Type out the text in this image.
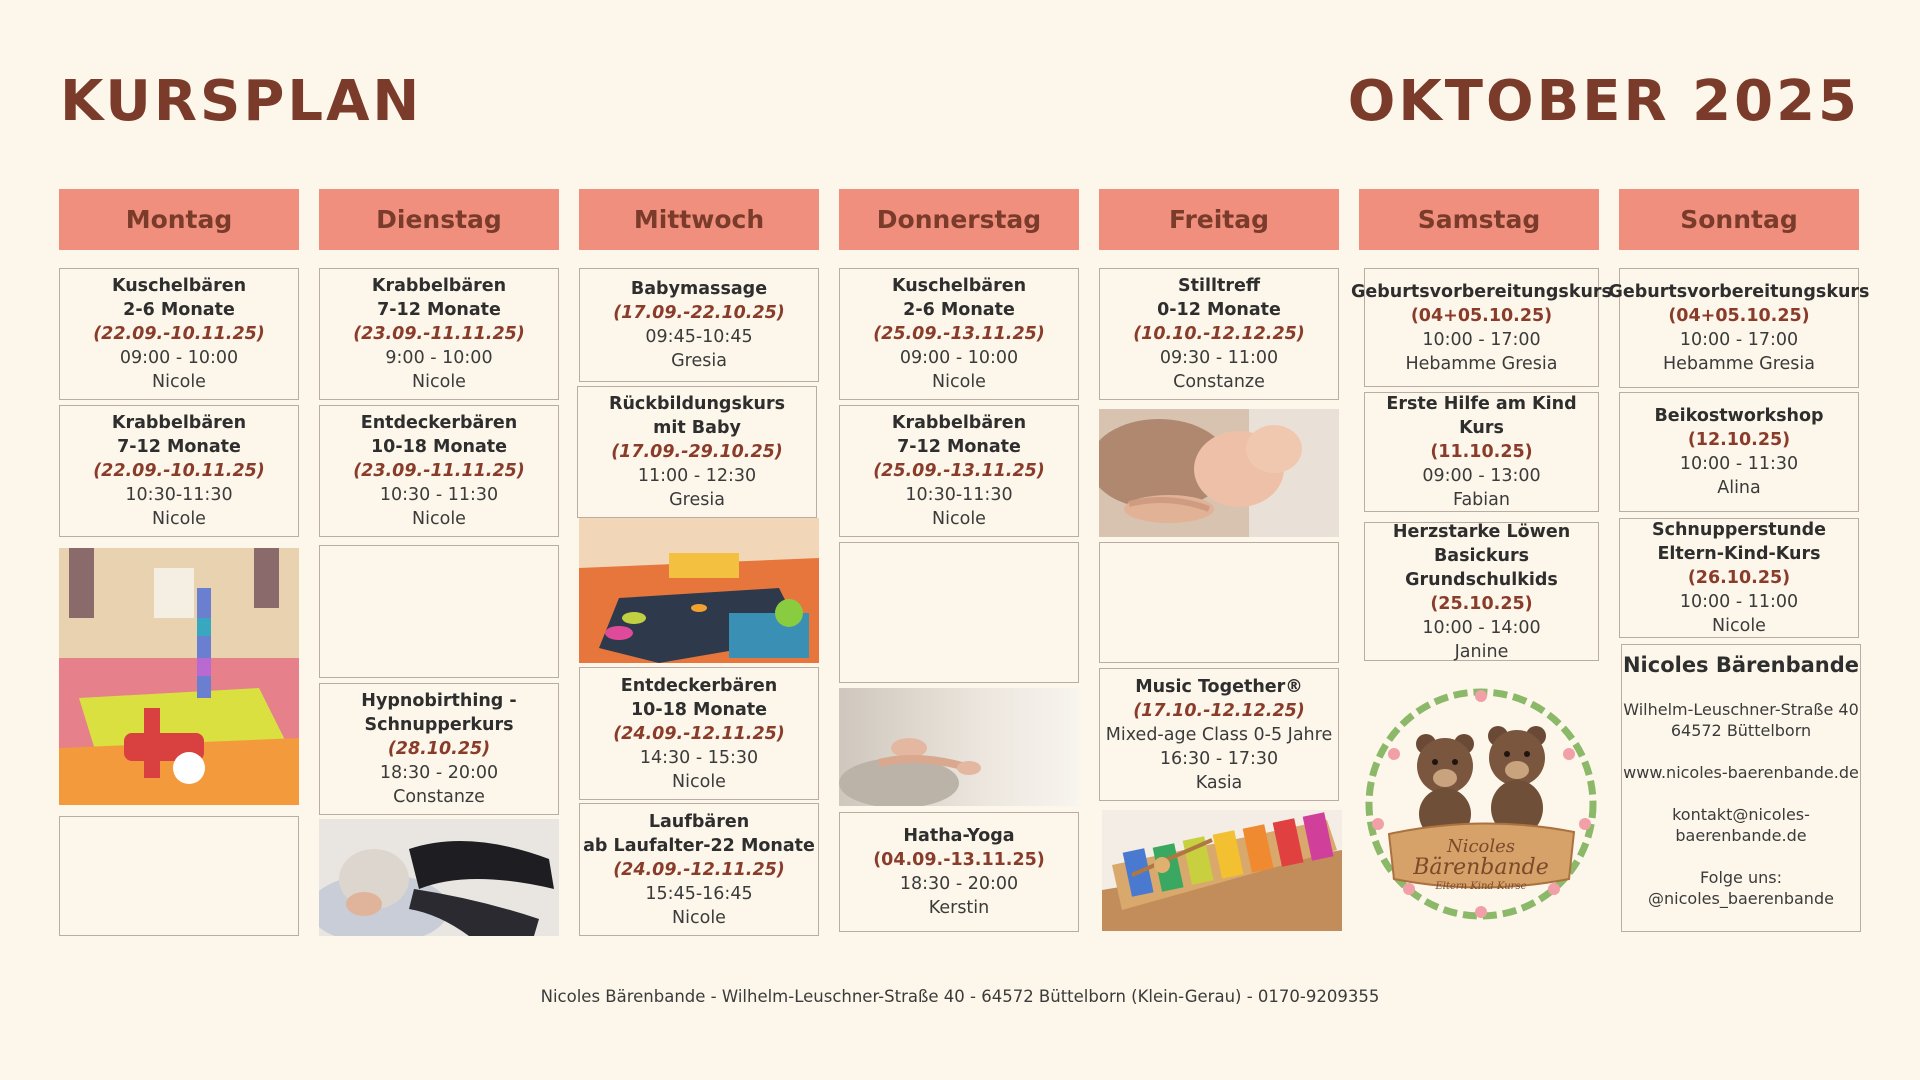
KURSPLAN	OKTOBER 2025
Montag
Kuschelbären
2-6 Monate
(22.09.-10.11.25)
09:00 - 10:00
Nicole
Krabbelbären
7-12 Monate
(22.09.-10.11.25)
10:30-11:30
Nicole
Dienstag
Krabbelbären
7-12 Monate
(23.09.-11.11.25)
9:00 - 10:00
Nicole
Entdeckerbären
10-18 Monate
(23.09.-11.11.25)
10:30 - 11:30
Nicole
Hypnobirthing -
Schnupperkurs
(28.10.25)
18:30 - 20:00
Constanze
Mittwoch
Babymassage
(17.09.-22.10.25)
09:45-10:45
Gresia
Rückbildungskurs
mit Baby
(17.09.-29.10.25)
11:00 - 12:30
Gresia
Entdeckerbären
10-18 Monate
(24.09.-12.11.25)
14:30 - 15:30
Nicole
Laufbären
ab Laufalter-22 Monate
(24.09.-12.11.25)
15:45-16:45
Nicole
Donnerstag
Kuschelbären
2-6 Monate
(25.09.-13.11.25)
09:00 - 10:00
Nicole
Krabbelbären
7-12 Monate
(25.09.-13.11.25)
10:30-11:30
Nicole
Hatha-Yoga
(04.09.-13.11.25)
18:30 - 20:00
Kerstin
Freitag
Stilltreff
0-12 Monate
(10.10.-12.12.25)
09:30 - 11:00
Constanze
Music Together®
(17.10.-12.12.25)
Mixed-age Class 0-5 Jahre
16:30 - 17:30
Kasia
Samstag
Geburtsvorbereitungskurs
(04+05.10.25)
10:00 - 17:00
Hebamme Gresia
Erste Hilfe am Kind Kurs
(11.10.25)
09:00 - 13:00
Fabian
Herzstarke Löwen
Basickurs Grundschulkids
(25.10.25)
10:00 - 14:00
Janine
Nicoles
Bärenbande
Eltern Kind Kurse
Sonntag
Geburtsvorbereitungskurs
(04+05.10.25)
10:00 - 17:00
Hebamme Gresia
Beikostworkshop
(12.10.25)
10:00 - 11:30
Alina
Schnupperstunde
Eltern-Kind-Kurs
(26.10.25)
10:00 - 11:00
Nicole
Nicoles Bärenbande
Wilhelm-Leuschner-Straße 40
64572 Büttelborn
www.nicoles-baerenbande.de
kontakt@nicoles-
baerenbande.de
Folge uns:
@nicoles_baerenbande
Nicoles Bärenbande - Wilhelm-Leuschner-Straße 40 - 64572 Büttelborn (Klein-Gerau) - 0170-9209355
